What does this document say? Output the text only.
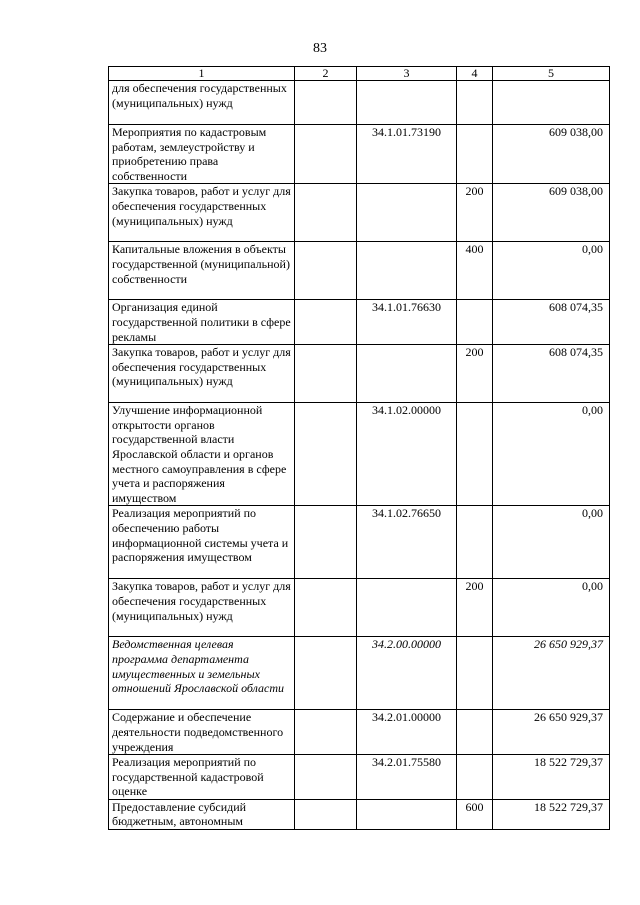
83
1	2	3	4	5
для обеспечения государственных (муниципальных) нужд				
Мероприятия по кадастровым работам, землеустройству и приобретению права собственности		34.1.01.73190		609 038,00
Закупка товаров, работ и услуг для обеспечения государственных (муниципальных) нужд			200	609 038,00
Капитальные вложения в объекты государственной (муниципальной) собственности			400	0,00
Организация единой государственной политики в сфере рекламы		34.1.01.76630		608 074,35
Закупка товаров, работ и услуг для обеспечения государственных (муниципальных) нужд			200	608 074,35
Улучшение информационной открытости органов государственной власти Ярославской области и органов местного самоуправления в сфере учета и распоряжения имуществом		34.1.02.00000		0,00
Реализация мероприятий по обеспечению работы информационной системы учета и распоряжения имуществом		34.1.02.76650		0,00
Закупка товаров, работ и услуг для обеспечения государственных (муниципальных) нужд			200	0,00
Ведомственная целевая программа департамента имущественных и земельных отношений Ярославской области		34.2.00.00000		26 650 929,37
Содержание и обеспечение деятельности подведомственного учреждения		34.2.01.00000		26 650 929,37
Реализация мероприятий по государственной кадастровой оценке		34.2.01.75580		18 522 729,37
Предоставление субсидий бюджетным, автономным			600	18 522 729,37
